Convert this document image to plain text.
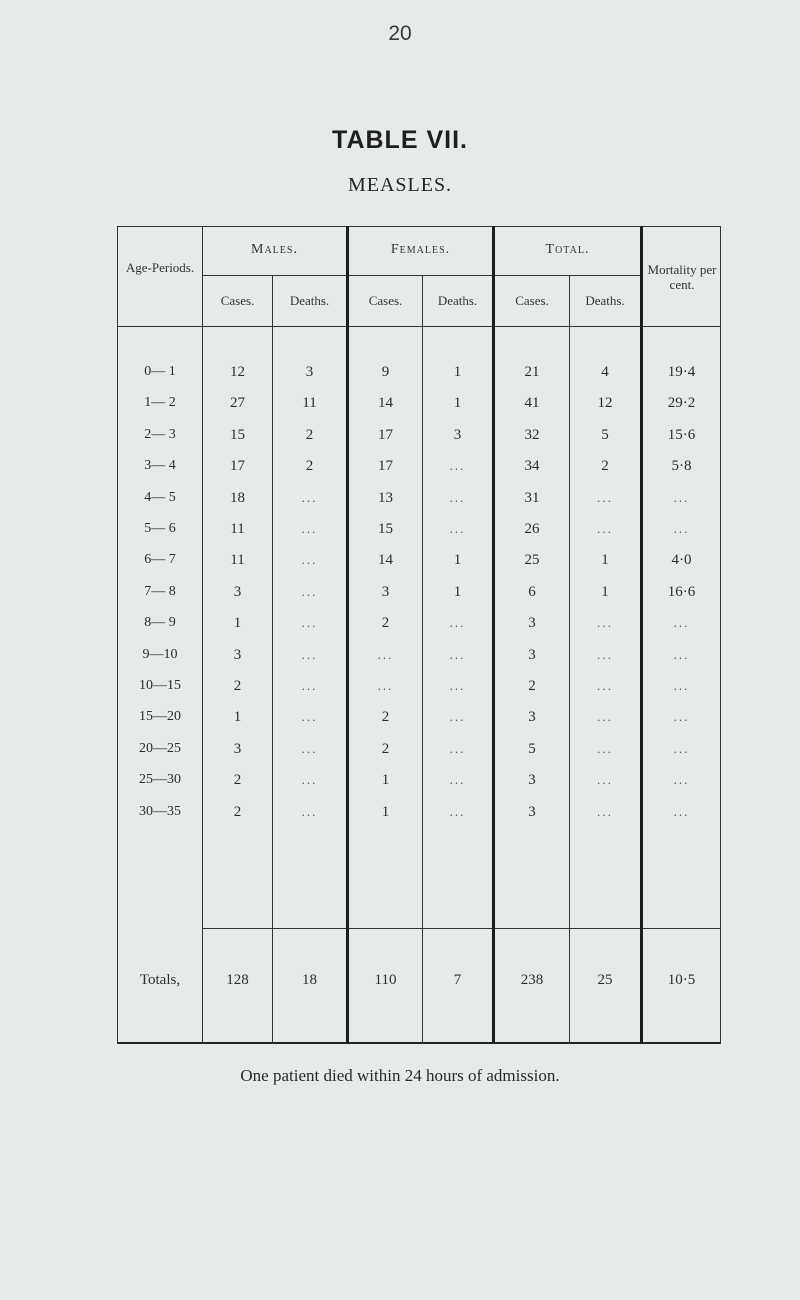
20
TABLE VII.
MEASLES.
Age-Periods.
Males.	Females.	Total.
Mortality per cent.
Cases.	Deaths.	Cases.	Deaths.	Cases.	Deaths.
0— 1	12	3	9	1	21	4	19·4
1— 2	27	11	14	1	41	12	29·2
2— 3	15	2	17	3	32	5	15·6
3— 4	17	2	17	...	34	2	5·8
4— 5	18	...	13	...	31	...	...
5— 6	11	...	15	...	26	...	...
6— 7	11	...	14	1	25	1	4·0
7— 8	3	...	3	1	6	1	16·6
8— 9	1	...	2	...	3	...	...
9—10	3	...	...	...	3	...	...
10—15	2	...	...	...	2	...	...
15—20	1	...	2	...	3	...	...
20—25	3	...	2	...	5	...	...
25—30	2	...	1	...	3	...	...
30—35	2	...	1	...	3	...	...
Totals,	128	18	110	7	238	25	10·5
One patient died within 24 hours of admission.
